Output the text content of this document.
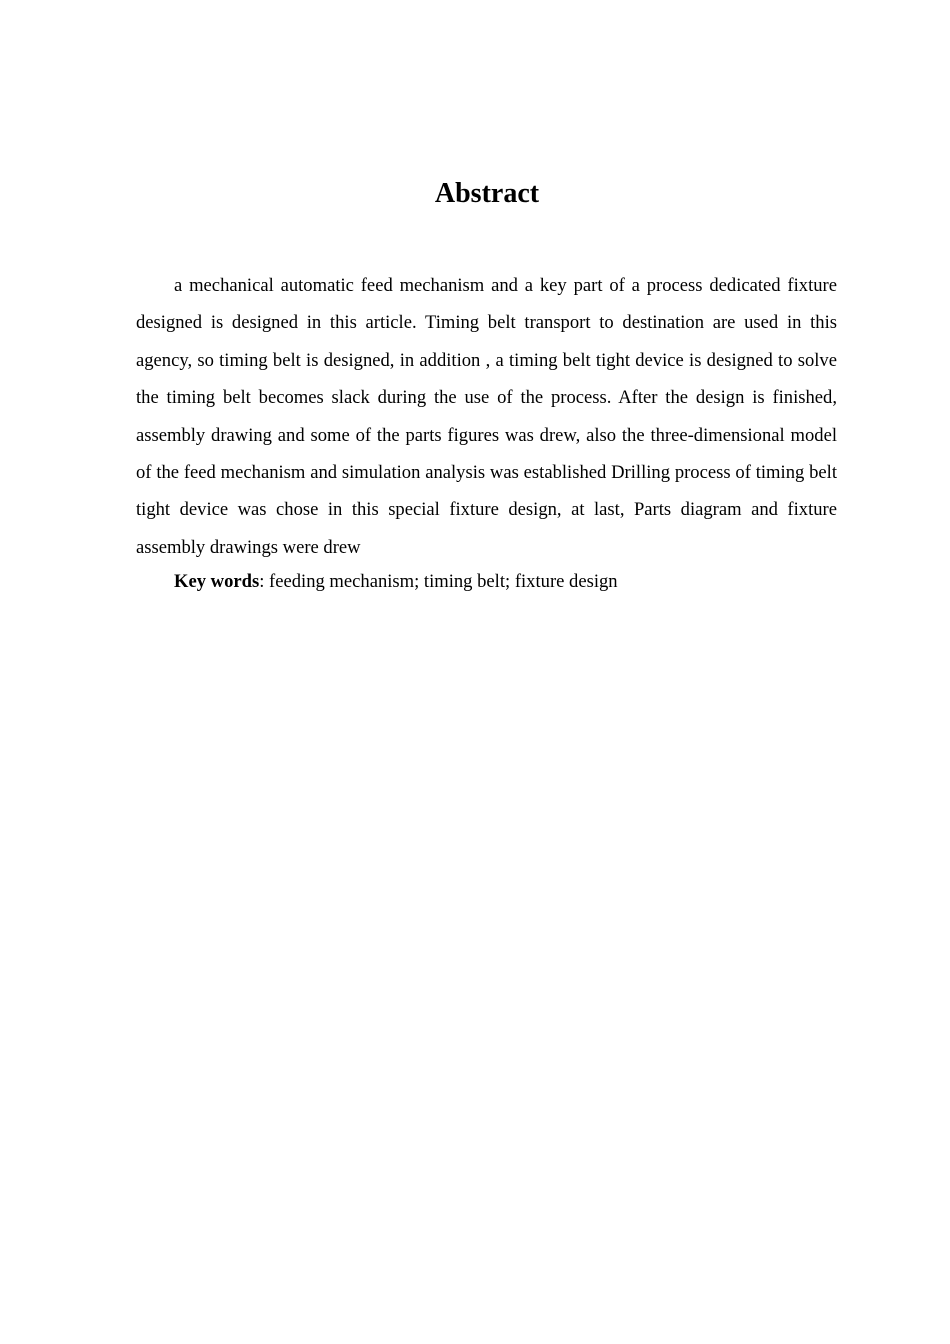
Abstract

a mechanical automatic feed mechanism and a key part of a process dedicated fixture designed is designed in this article. Timing belt transport to destination are used in this agency, so timing belt is designed, in addition , a timing belt tight device is designed to solve the timing belt becomes slack during the use of the process. After the design is finished, assembly drawing and some of the parts figures was drew, also the three-dimensional model of the feed mechanism and simulation analysis was established Drilling process of timing belt tight device was chose in this special fixture design, at last, Parts diagram and fixture assembly drawings were drew

Key words: feeding mechanism; timing belt; fixture design
